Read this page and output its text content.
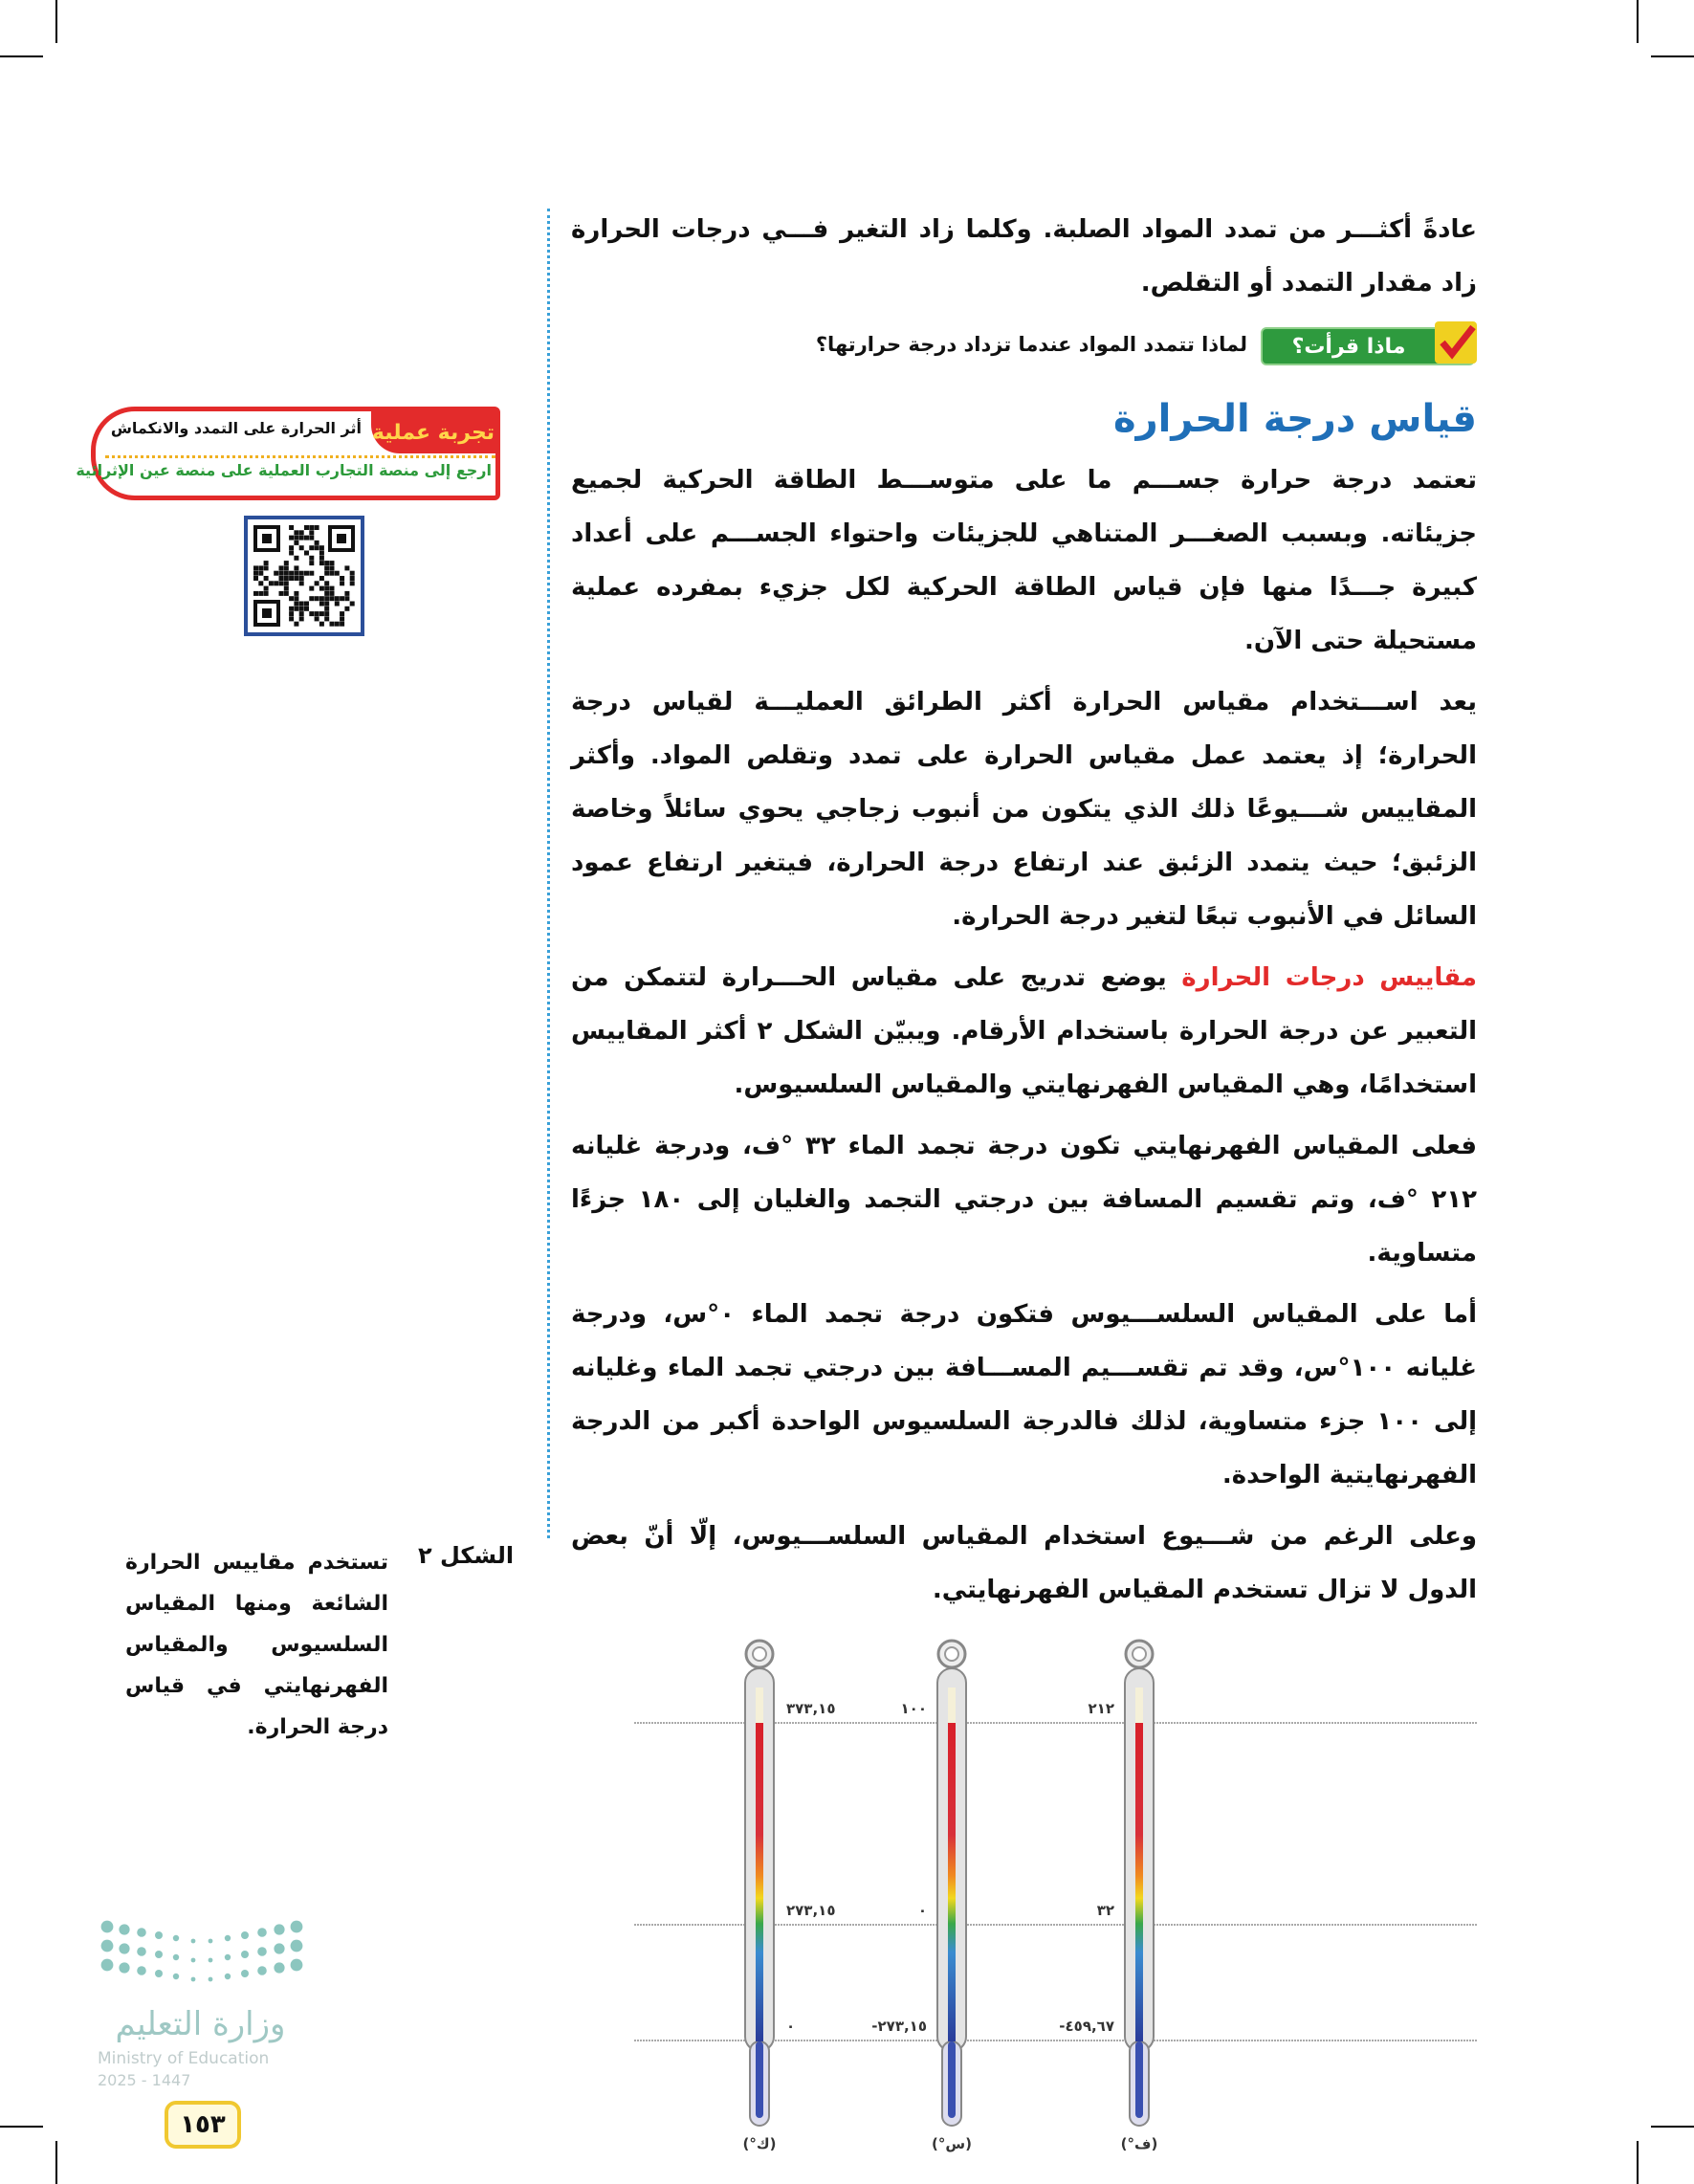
عادةً أكثـــر من تمدد المواد الصلبة. وكلما زاد التغير فـــي درجات الحرارة زاد مقدار التمدد أو التقلص.
ماذا قرأت؟
لماذا تتمدد المواد عندما تزداد درجة حرارتها؟
قياس درجة الحرارة
تعتمد درجة حرارة جســـم ما على متوســـط الطاقة الحركية لجميع جزيئاته. وبسبب الصغـــر المتناهي للجزيئات واحتواء الجســـم على أعداد كبيرة جـــدًا منها فإن قياس الطاقة الحركية لكل جزيء بمفرده عملية مستحيلة حتى الآن.
يعد اســـتخدام مقياس الحرارة أكثر الطرائق العمليـــة لقياس درجة الحرارة؛ إذ يعتمد عمل مقياس الحرارة على تمدد وتقلص المواد. وأكثر المقاييس شـــيوعًا ذلك الذي يتكون من أنبوب زجاجي يحوي سائلاً وخاصة الزئبق؛ حيث يتمدد الزئبق عند ارتفاع درجة الحرارة، فيتغير ارتفاع عمود السائل في الأنبوب تبعًا لتغير درجة الحرارة.
مقاييس درجات الحرارة يوضع تدريج على مقياس الحـــرارة لتتمكن من التعبير عن درجة الحرارة باستخدام الأرقام. ويبيّن الشكل ٢ أكثر المقاييس استخدامًا، وهي المقياس الفهرنهايتي والمقياس السلسيوس.
فعلى المقياس الفهرنهايتي تكون درجة تجمد الماء ٣٢ °ف، ودرجة غليانه ٢١٢ °ف، وتم تقسيم المسافة بين درجتي التجمد والغليان إلى ١٨٠ جزءًا متساوية.
أما على المقياس السلســـيوس فتكون درجة تجمد الماء ٠°س، ودرجة غليانه ١٠٠°س، وقد تم تقســـيم المســـافة بين درجتي تجمد الماء وغليانه إلى ١٠٠ جزء متساوية، لذلك فالدرجة السلسيوس الواحدة أكبر من الدرجة الفهرنهايتية الواحدة.
وعلى الرغم من شـــيوع استخدام المقياس السلســـيوس، إلّا أنّ بعض الدول لا تزال تستخدم المقياس الفهرنهايتي.
تجربة عملية
أثر الحرارة على التمدد والانكماش
ارجع إلى منصة التجارب العملية على منصة عين الإثرائية
الشكل ٢
تستخدم مقاييس الحرارة الشائعة ومنها المقياس السلسيوس والمقياس الفهرنهايتي في قياس درجة الحرارة.
٣٧٣,١٥
٢٧٣,١٥
٠
(°ك)
١٠٠
٠
-٢٧٣,١٥
(°س)
٢١٢
٣٢
-٤٥٩,٦٧
(°ف)
وزارة التعليم
Ministry of Education
2025 - 1447
١٥٣
